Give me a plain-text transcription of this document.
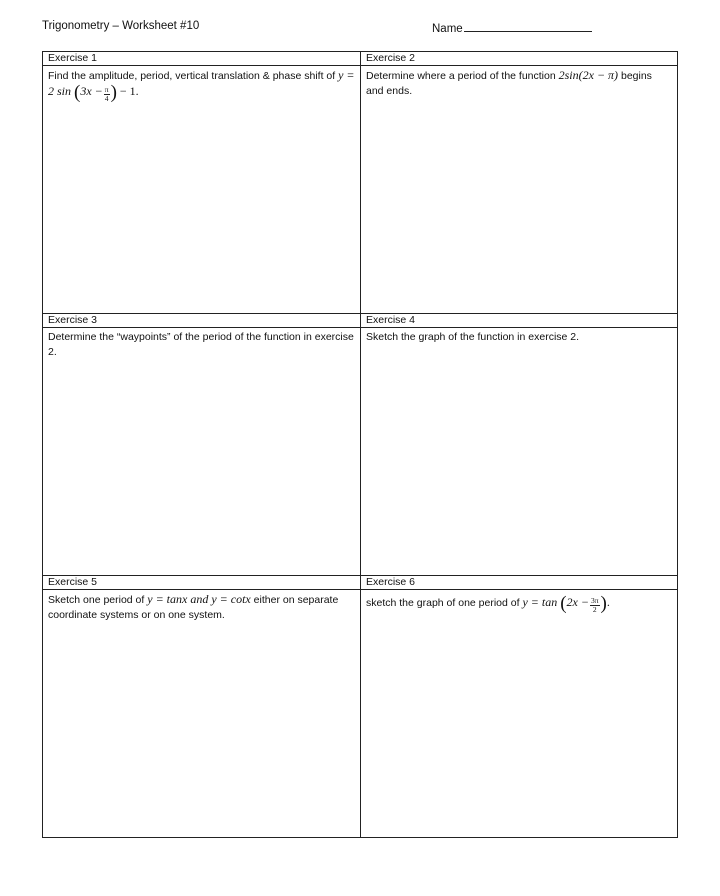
Trigonometry – Worksheet #10	Name
Exercise 1
Find the amplitude, period, vertical translation & phase shift of y = 2 $\sin (3x - \frac{\pi}{4}$ ) − 1.
Exercise 2
Determine where a period of the function 2sin(2x − π) begins and ends.
Exercise 3
Determine the “waypoints” of the period of the function in exercise 2.
Exercise 4
Sketch the graph of the function in exercise 2.
Exercise 5
Sketch one period of y = tanx and y = cotx either on separate coordinate systems or on one system.
Exercise 6
sketch the graph of one period of $y = \tan (2x - \frac{3\pi}{2}$ ).
